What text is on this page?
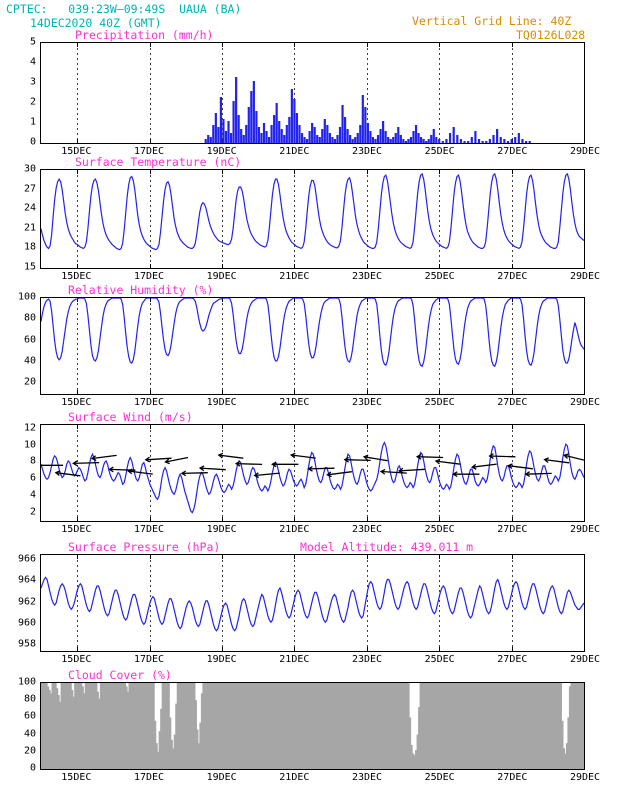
CPTEC:   039:23W—09:49S  UAUA (BA)
14DEC2020 40Z (GMT)	Vertical Grid Line: 40Z
TQ0126L028
Precipitation (mm/h)
0
1
2
3
4
5
15DEC	17DEC	19DEC	21DEC	23DEC	25DEC	27DEC	29DEC
Surface Temperature (nC)
15
18
21
24
27
30
15DEC	17DEC	19DEC	21DEC	23DEC	25DEC	27DEC	29DEC
Relative Humidity (%)
20
40
60
80
100
15DEC	17DEC	19DEC	21DEC	23DEC	25DEC	27DEC	29DEC
Surface Wind (m/s)
2
4
6
8
10
12
15DEC	17DEC	19DEC	21DEC	23DEC	25DEC	27DEC	29DEC
Surface Pressure (hPa)	Model Altitude: 439.011 m
958
960
962
964
966
15DEC	17DEC	19DEC	21DEC	23DEC	25DEC	27DEC	29DEC
Cloud Cover (%)
0
20
40
60
80
100
15DEC	17DEC	19DEC	21DEC	23DEC	25DEC	27DEC	29DEC
